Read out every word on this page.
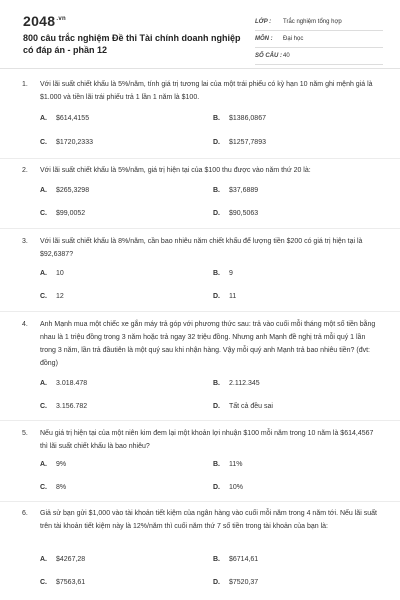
$2048^{.vn}$
800 câu trắc nghiệm Đề thi Tài chính doanh nghiệp có đáp án - phần 12
LỚP :	Trắc nghiệm tổng hợp
MÔN :	Đại học
SỐ CÂU : 40
1. Với lãi suất chiết khấu là 5%/năm, tính giá trị tương lai của một trái phiếu có kỳ hạn 10 năm ghi mệnh giá là $1.000 và tiền lãi trái phiếu trả 1 lần 1 năm là $100.
A. $614,4155	B. $1386,0867
C. $1720,2333	D. $1257,7893
2. Với lãi suất chiết khấu là 5%/năm, giá trị hiện tại của $100 thu được vào năm thứ 20 là:
A. $265,3298	B. $37,6889
C. $99,0052	D. $90,5063
3. Với lãi suất chiết khấu là 8%/năm, cần bao nhiêu năm chiết khấu để lượng tiền $200 có giá trị hiện tại là $92,6387?
A. 10	B. 9
C. 12	D. 11
4. Anh Mạnh mua một chiếc xe gắn máy trả góp với phương thức sau: trả vào cuối mỗi tháng một số tiền bằng nhau là 1 triệu đồng trong 3 năm hoặc trả ngay 32 triệu đồng. Nhưng anh Mạnh đề nghị trả mỗi quý 1 lần trong 3 năm, lần trả đầutiên là một quý sau khi nhận hàng. Vậy mỗi quý anh Mạnh trả bao nhiêu tiền? (đvt: đồng)
A. 3.018.478	B. 2.112.345
C. 3.156.782	D. Tất cả đều sai
5. Nếu giá trị hiện tại của một niên kim đem lại một khoản lợi nhuận $100 mỗi năm trong 10 năm là $614,4567 thì lãi suất chiết khấu là bao nhiêu?
A. 9%	B. 11%
C. 8%	D. 10%
6. Giả sử bạn gửi $1,000 vào tài khoản tiết kiệm của ngân hàng vào cuối mỗi năm trong 4 năm tới. Nếu lãi suất trên tài khoản tiết kiệm này là 12%/năm thì cuối năm thứ 7 số tiền trong tài khoản của bạn là:
A. $4267,28	B. $6714,61
C. $7563,61	D. $7520,37
